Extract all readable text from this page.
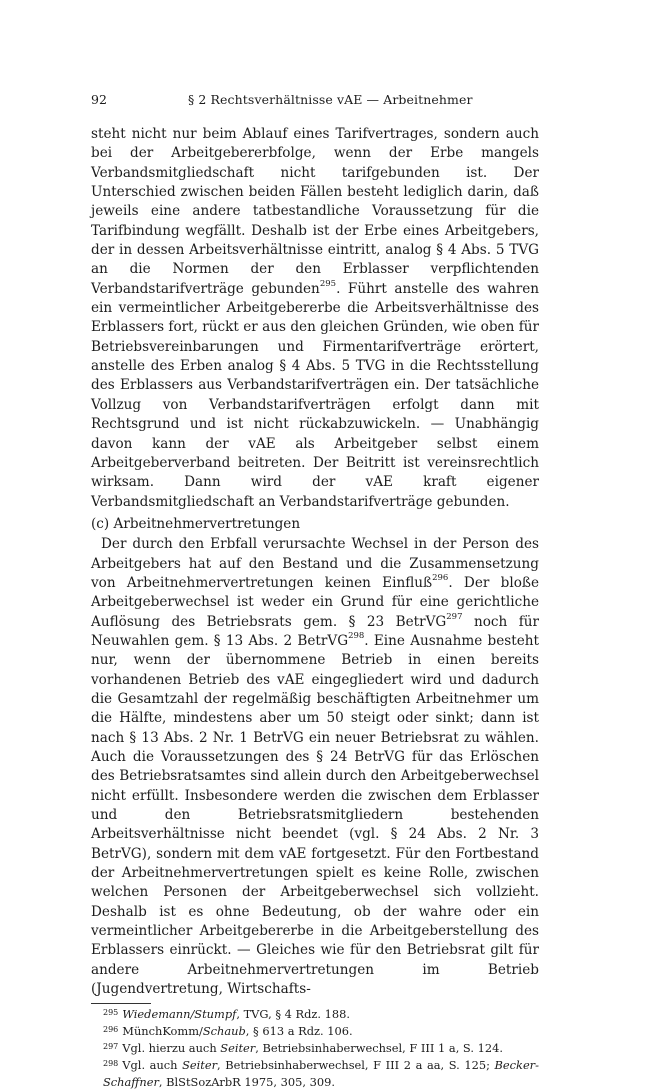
92	§ 2 Rechtsverhältnisse vAE — Arbeitnehmer

steht nicht nur beim Ablauf eines Tarifvertrages, sondern auch bei der Arbeitgebererbfolge, wenn der Erbe mangels Verbandsmitgliedschaft nicht tarifgebunden ist. Der Unterschied zwischen beiden Fällen besteht lediglich darin, daß jeweils eine andere tatbestandliche Voraussetzung für die Tarifbindung wegfällt. Deshalb ist der Erbe eines Arbeitgebers, der in dessen Arbeitsverhältnisse eintritt, analog § 4 Abs. 5 TVG an die Normen der den Erblasser verpflichtenden Verbandstarifverträge gebunden$^{295}$. Führt anstelle des wahren ein vermeintlicher Arbeitgebererbe die Arbeitsverhältnisse des Erblassers fort, rückt er aus den gleichen Gründen, wie oben für Betriebsvereinbarungen und Firmentarifverträge erörtert, anstelle des Erben analog § 4 Abs. 5 TVG in die Rechtsstellung des Erblassers aus Verbandstarifverträgen ein. Der tatsächliche Vollzug von Verbandstarifverträgen erfolgt dann mit Rechtsgrund und ist nicht rückabzuwickeln. — Unabhängig davon kann der vAE als Arbeitgeber selbst einem Arbeitgeberverband beitreten. Der Beitritt ist vereinsrechtlich wirksam. Dann wird der vAE kraft eigener Verbandsmitgliedschaft an Verbandstarifverträge gebunden.

(c) Arbeitnehmervertretungen

Der durch den Erbfall verursachte Wechsel in der Person des Arbeitgebers hat auf den Bestand und die Zusammensetzung von Arbeitnehmervertretungen keinen Einfluß$^{296}$. Der bloße Arbeitgeberwechsel ist weder ein Grund für eine gerichtliche Auflösung des Betriebsrats gem. § 23 BetrVG$^{297}$ noch für Neuwahlen gem. § 13 Abs. 2 BetrVG$^{298}$. Eine Ausnahme besteht nur, wenn der übernommene Betrieb in einen bereits vorhandenen Betrieb des vAE eingegliedert wird und dadurch die Gesamtzahl der regelmäßig beschäftigten Arbeitnehmer um die Hälfte, mindestens aber um 50 steigt oder sinkt; dann ist nach § 13 Abs. 2 Nr. 1 BetrVG ein neuer Betriebsrat zu wählen. Auch die Voraussetzungen des § 24 BetrVG für das Erlöschen des Betriebsratsamtes sind allein durch den Arbeitgeberwechsel nicht erfüllt. Insbesondere werden die zwischen dem Erblasser und den Betriebsratsmitgliedern bestehenden Arbeitsverhältnisse nicht beendet (vgl. § 24 Abs. 2 Nr. 3 BetrVG), sondern mit dem vAE fortgesetzt. Für den Fortbestand der Arbeitnehmervertretungen spielt es keine Rolle, zwischen welchen Personen der Arbeitgeberwechsel sich vollzieht. Deshalb ist es ohne Bedeutung, ob der wahre oder ein vermeintlicher Arbeitgebererbe in die Arbeitgeberstellung des Erblassers einrückt. — Gleiches wie für den Betriebsrat gilt für andere Arbeitnehmervertretungen im Betrieb (Jugendvertretung, Wirtschafts-

$^{295}$ Wiedemann/Stumpf, TVG, § 4 Rdz. 188.

$^{296}$ MünchKomm/Schaub, § 613 a Rdz. 106.

$^{297}$ Vgl. hierzu auch Seiter, Betriebsinhaberwechsel, F III 1 a, S. 124.

$^{298}$ Vgl. auch Seiter, Betriebsinhaberwechsel, F III 2 a aa, S. 125; Becker-Schaffner, BlStSozArbR 1975, 305, 309.
